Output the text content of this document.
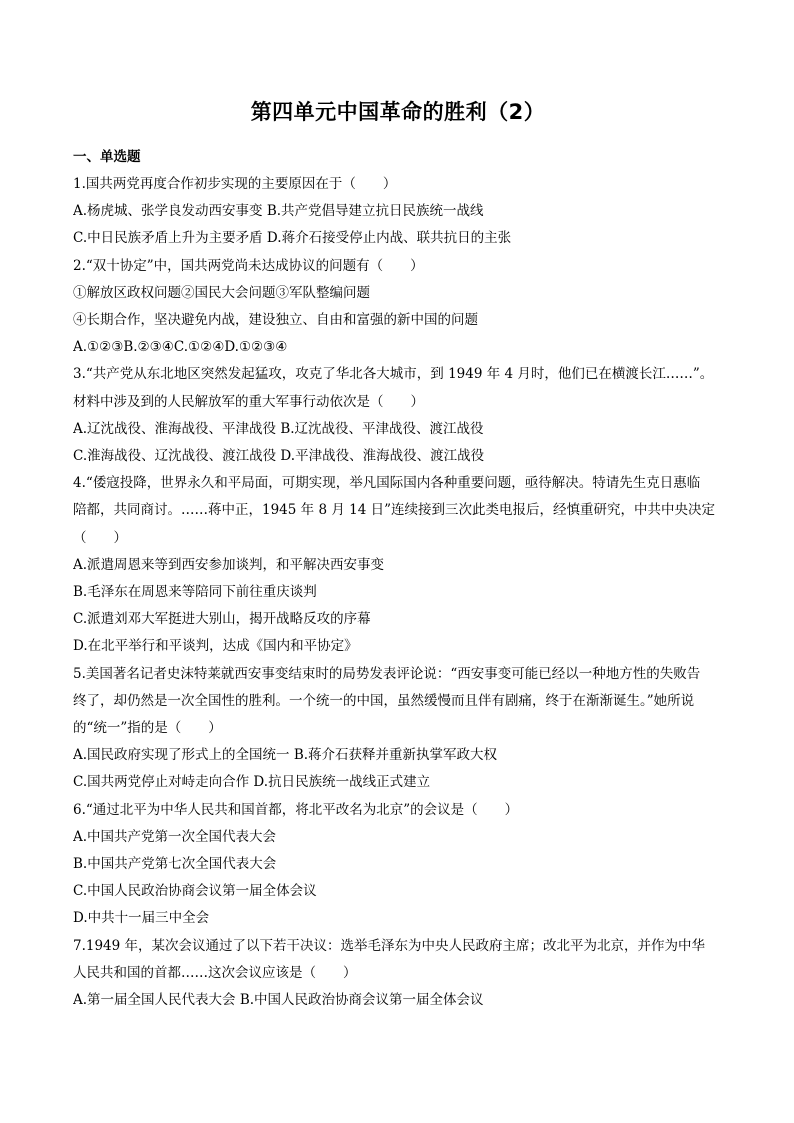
第四单元中国革命的胜利（2）

一、单选题

1.国共两党再度合作初步实现的主要原因在于（　　）

A.杨虎城、张学良发动西安事变 B.共产党倡导建立抗日民族统一战线

C.中日民族矛盾上升为主要矛盾 D.蒋介石接受停止内战、联共抗日的主张

2.“双十协定”中，国共两党尚未达成协议的问题有（　　）

①解放区政权问题②国民大会问题③军队整编问题

④长期合作，坚决避免内战，建设独立、自由和富强的新中国的问题

A.①②③B.②③④C.①②④D.①②③④

3.“共产党从东北地区突然发起猛攻，攻克了华北各大城市，到 1949 年 4 月时，他们已在横渡长江……”。

材料中涉及到的人民解放军的重大军事行动依次是（　　）

A.辽沈战役、淮海战役、平津战役 B.辽沈战役、平津战役、渡江战役

C.淮海战役、辽沈战役、渡江战役 D.平津战役、淮海战役、渡江战役

4.“倭寇投降，世界永久和平局面，可期实现，举凡国际国内各种重要问题，亟待解决。特请先生克日惠临

陪都，共同商讨。……蒋中正，1945 年 8 月 14 日”连续接到三次此类电报后，经慎重研究，中共中央决定

（　　）

A.派遣周恩来等到西安参加谈判，和平解决西安事变

B.毛泽东在周恩来等陪同下前往重庆谈判

C.派遣刘邓大军挺进大别山，揭开战略反攻的序幕

D.在北平举行和平谈判，达成《国内和平协定》

5.美国著名记者史沫特莱就西安事变结束时的局势发表评论说：“西安事变可能已经以一种地方性的失败告

终了，却仍然是一次全国性的胜利。一个统一的中国，虽然缓慢而且伴有剧痛，终于在渐渐诞生。”她所说

的“统一”指的是（　　）

A.国民政府实现了形式上的全国统一 B.蒋介石获释并重新执掌军政大权

C.国共两党停止对峙走向合作 D.抗日民族统一战线正式建立

6.“通过北平为中华人民共和国首都，将北平改名为北京”的会议是（　　）

A.中国共产党第一次全国代表大会

B.中国共产党第七次全国代表大会

C.中国人民政治协商会议第一届全体会议

D.中共十一届三中全会

7.1949 年，某次会议通过了以下若干决议：选举毛泽东为中央人民政府主席；改北平为北京，并作为中华

人民共和国的首都……这次会议应该是（　　）

A.第一届全国人民代表大会 B.中国人民政治协商会议第一届全体会议
